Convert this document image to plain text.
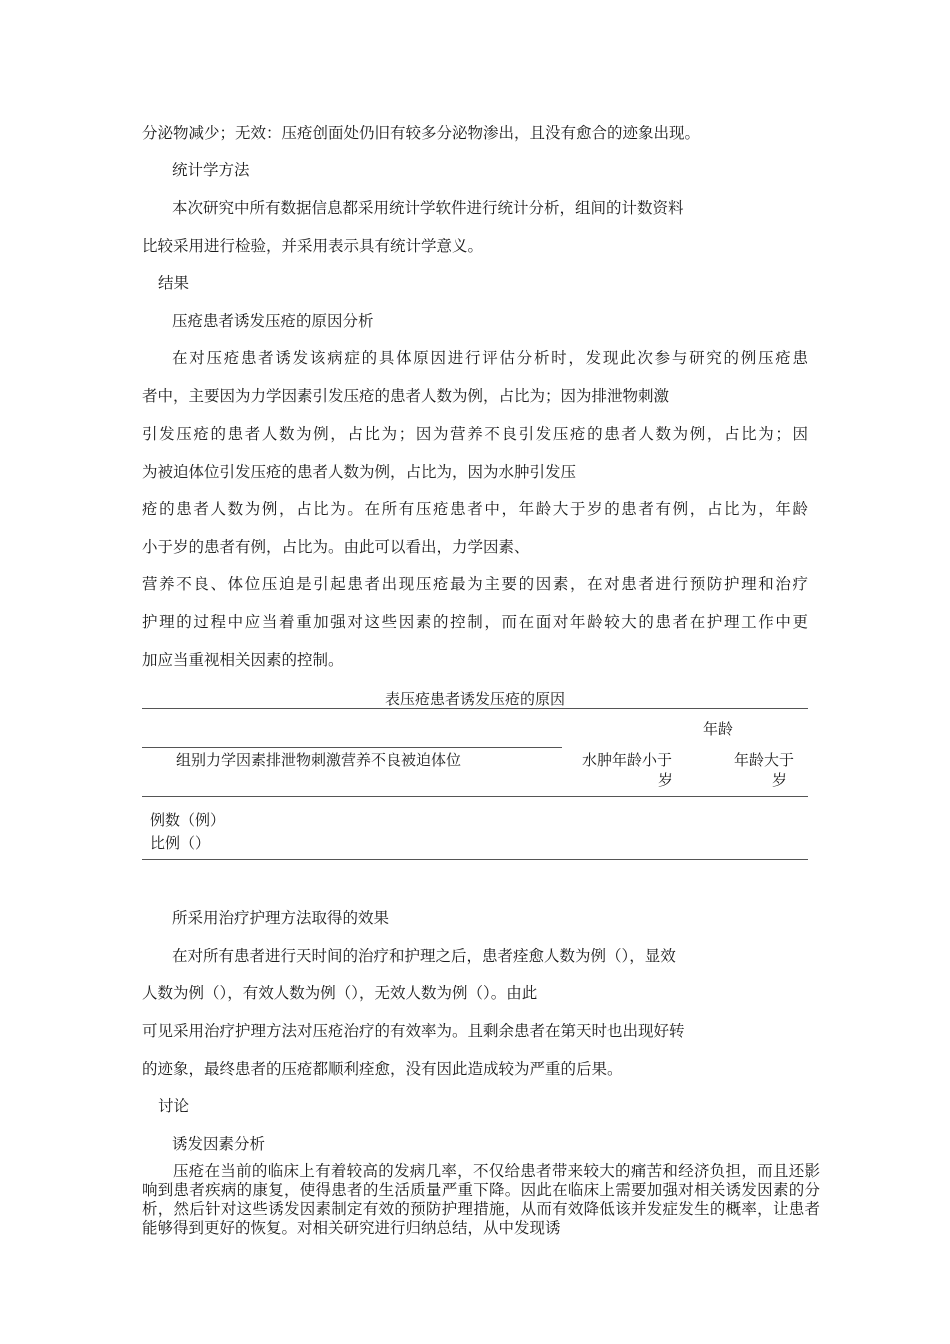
分泌物减少；无效：压疮创面处仍旧有较多分泌物渗出，且没有愈合的迹象出现。
统计学方法
本次研究中所有数据信息都采用统计学软件进行统计分析，组间的计数资料
比较采用进行检验，并采用表示具有统计学意义。
结果
压疮患者诱发压疮的原因分析
在对压疮患者诱发该病症的具体原因进行评估分析时，发现此次参与研究的例压疮患
者中，主要因为力学因素引发压疮的患者人数为例，占比为；因为排泄物刺激
引发压疮的患者人数为例，占比为；因为营养不良引发压疮的患者人数为例，占比为；因
为被迫体位引发压疮的患者人数为例，占比为，因为水肿引发压
疮的患者人数为例，占比为。在所有压疮患者中，年龄大于岁的患者有例，占比为，年龄
小于岁的患者有例，占比为。由此可以看出，力学因素、
营养不良、体位压迫是引起患者出现压疮最为主要的因素，在对患者进行预防护理和治疗
护理的过程中应当着重加强对这些因素的控制，而在面对年龄较大的患者在护理工作中更
加应当重视相关因素的控制。
表压疮患者诱发压疮的原因
年龄
组别力学因素排泄物刺激营养不良被迫体位	水肿年龄小于
岁
年龄大于
岁
例数（例）
比例（）
所采用治疗护理方法取得的效果
在对所有患者进行天时间的治疗和护理之后，患者痊愈人数为例（），显效
人数为例（），有效人数为例（），无效人数为例（）。由此
可见采用治疗护理方法对压疮治疗的有效率为。且剩余患者在第天时也出现好转
的迹象，最终患者的压疮都顺利痊愈，没有因此造成较为严重的后果。
讨论
诱发因素分析
压疮在当前的临床上有着较高的发病几率，不仅给患者带来较大的痛苦和经济负担，而且还影响到患者疾病的康复，使得患者的生活质量严重下降。因此在临床上需要加强对相关诱发因素的分析，然后针对这些诱发因素制定有效的预防护理措施，从而有效降低该并发症发生的概率，让患者能够得到更好的恢复。对相关研究进行归纳总结，从中发现诱
